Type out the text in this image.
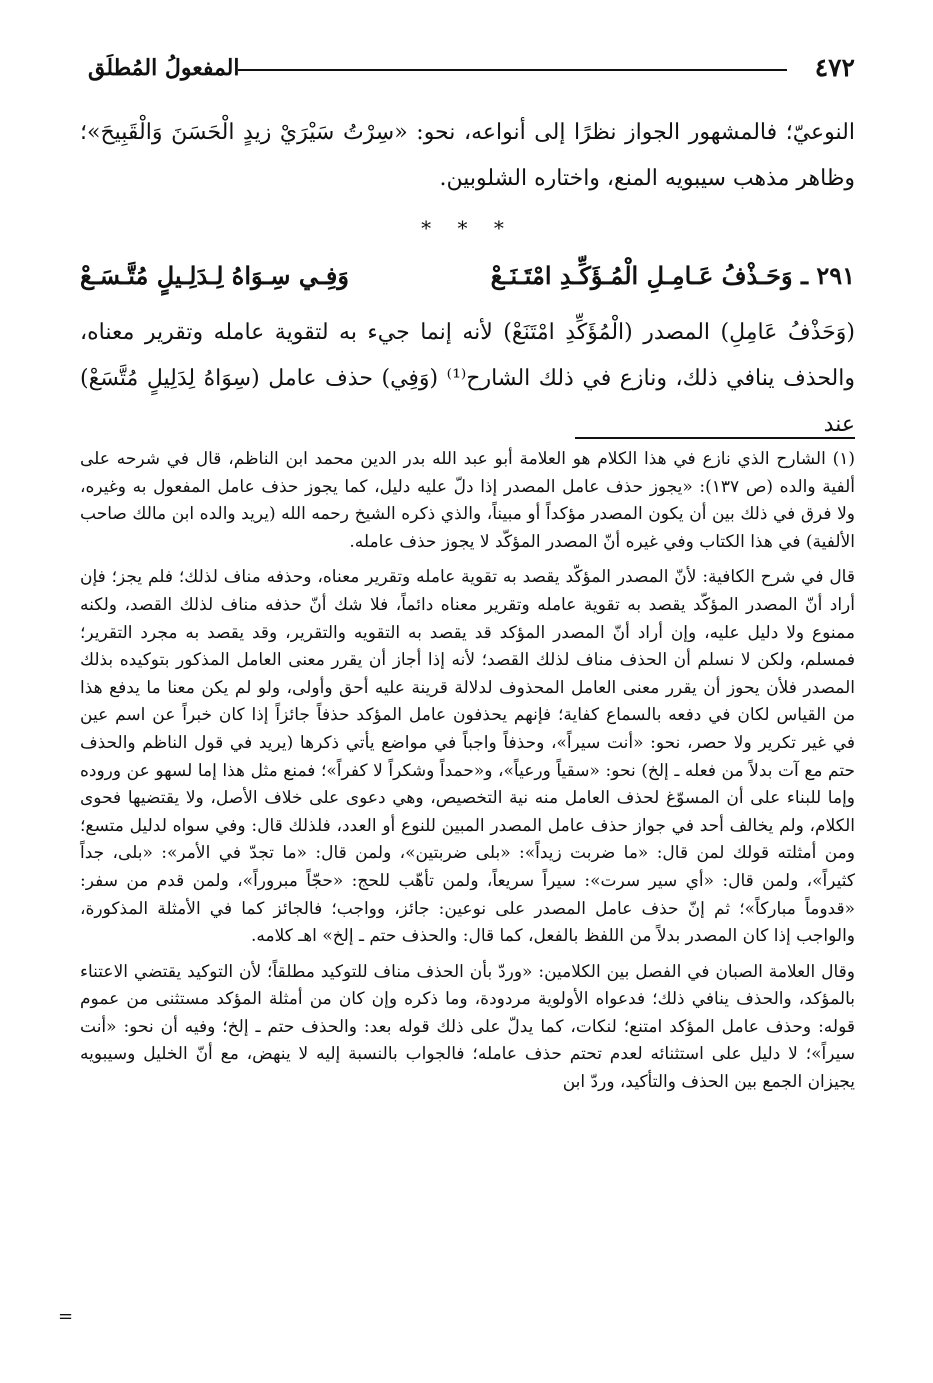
٤٧٢
المفعولُ المُطلَق

النوعيّ؛ فالمشهور الجواز نظرًا إلى أنواعه، نحو: «سِرْتُ سَيْرَيْ زيدٍ الْحَسَنَ وَالْقَبِيحَ»؛ وظاهر مذهب سيبويه المنع، واختاره الشلوبين.

* * *
٢٩١ ـ وَحَـذْفُ عَـامِـلِ الْمُـؤَكِّـدِ امْتَـنَـعْ
وَفِـي سِـوَاهُ لِـدَلِـيلٍ مُتَّـسَـعْ

(وَحَذْفُ عَامِلِ) المصدر (الْمُؤَكِّدِ امْتَنَعْ) لأنه إنما جيء به لتقوية عامله وتقرير معناه، والحذف ينافي ذلك، ونازع في ذلك الشارح⁽¹⁾ (وَفِي) حذف عامل (سِوَاهُ لِدَلِيلٍ مُتَّسَعْ) عند

(١) الشارح الذي نازع في هذا الكلام هو العلامة أبو عبد الله بدر الدين محمد ابن الناظم، قال في شرحه على ألفية والده (ص ١٣٧): «يجوز حذف عامل المصدر إذا دلّ عليه دليل، كما يجوز حذف عامل المفعول به وغيره، ولا فرق في ذلك بين أن يكون المصدر مؤكداً أو مبيناً، والذي ذكره الشيخ رحمه الله (يريد والده ابن مالك صاحب الألفية) في هذا الكتاب وفي غيره أنّ المصدر المؤكّد لا يجوز حذف عامله.

قال في شرح الكافية: لأنّ المصدر المؤكّد يقصد به تقوية عامله وتقرير معناه، وحذفه مناف لذلك؛ فلم يجز؛ فإن أراد أنّ المصدر المؤكّد يقصد به تقوية عامله وتقرير معناه دائماً، فلا شك أنّ حذفه مناف لذلك القصد، ولكنه ممنوع ولا دليل عليه، وإن أراد أنّ المصدر المؤكد قد يقصد به التقويه والتقرير، وقد يقصد به مجرد التقرير؛ فمسلم، ولكن لا نسلم أن الحذف مناف لذلك القصد؛ لأنه إذا أجاز أن يقرر معنى العامل المذكور بتوكيده بذلك المصدر فلأن يحوز أن يقرر معنى العامل المحذوف لدلالة قرينة عليه أحق وأولى، ولو لم يكن معنا ما يدفع هذا من القياس لكان في دفعه بالسماع كفاية؛ فإنهم يحذفون عامل المؤكد حذفاً جائزاً إذا كان خبراً عن اسم عين في غير تكرير ولا حصر، نحو: «أنت سيراً»، وحذفاً واجباً في مواضع يأتي ذكرها (يريد في قول الناظم والحذف حتم مع آت بدلاً من فعله ـ إلخ) نحو: «سقياً ورعياً»، و«حمداً وشكراً لا كفراً»؛ فمنع مثل هذا إما لسهو عن وروده وإما للبناء على أن المسوّغ لحذف العامل منه نية التخصيص، وهي دعوى على خلاف الأصل، ولا يقتضيها فحوى الكلام، ولم يخالف أحد في جواز حذف عامل المصدر المبين للنوع أو العدد، فلذلك قال: وفي سواه لدليل متسع؛ ومن أمثلته قولك لمن قال: «ما ضربت زيداً»: «بلى ضربتين»، ولمن قال: «ما تجدّ في الأمر»: «بلى، جداً كثيراً»، ولمن قال: «أي سير سرت»: سيراً سريعاً، ولمن تأهّب للحج: «حجّاً مبروراً»، ولمن قدم من سفر: «قدوماً مباركاً»؛ ثم إنّ حذف عامل المصدر على نوعين: جائز، وواجب؛ فالجائز كما في الأمثلة المذكورة، والواجب إذا كان المصدر بدلاً من اللفظ بالفعل، كما قال: والحذف حتم ـ إلخ» اهـ كلامه.

وقال العلامة الصبان في الفصل بين الكلامين: «وردّ بأن الحذف مناف للتوكيد مطلقاً؛ لأن التوكيد يقتضي الاعتناء بالمؤكد، والحذف ينافي ذلك؛ فدعواه الأولوية مردودة، وما ذكره وإن كان من أمثلة المؤكد مستثنى من عموم قوله: وحذف عامل المؤكد امتنع؛ لنكات، كما يدلّ على ذلك قوله بعد: والحذف حتم ـ إلخ؛ وفيه أن نحو: «أنت سيراً»؛ لا دليل على استثنائه لعدم تحتم حذف عامله؛ فالجواب بالنسبة إليه لا ينهض، مع أنّ الخليل وسيبويه يجيزان الجمع بين الحذف والتأكيد، وردّ ابن

=
